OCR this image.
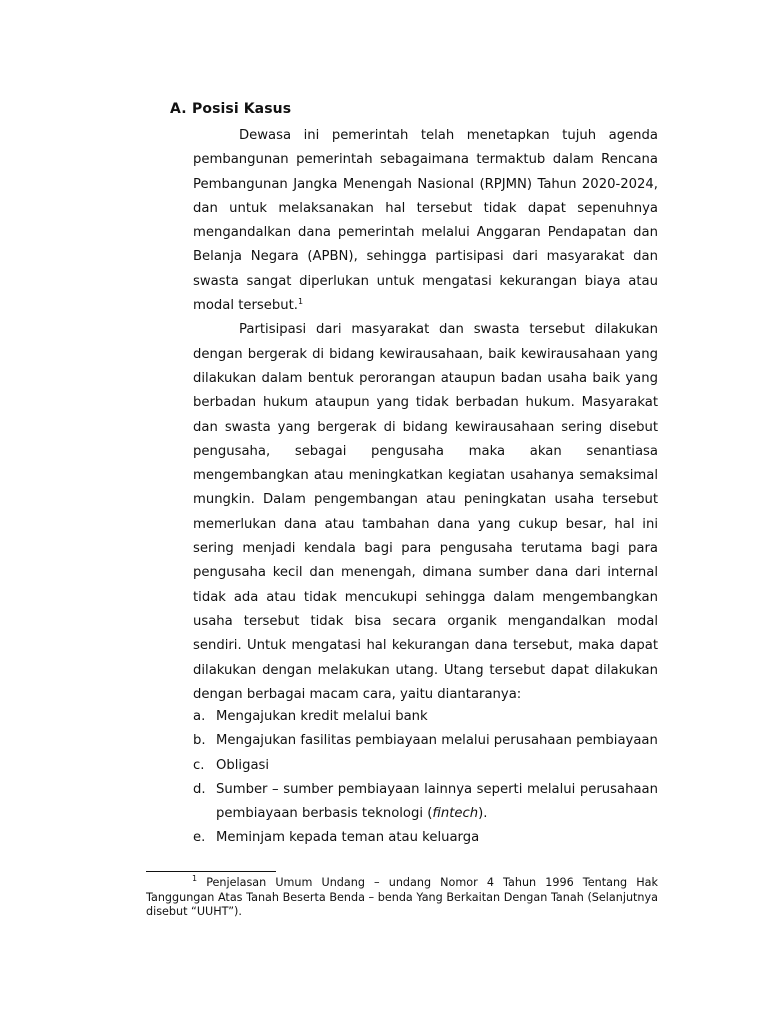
A. Posisi Kasus

Dewasa ini pemerintah telah menetapkan tujuh agenda pembangunan pemerintah sebagaimana termaktub dalam Rencana Pembangunan Jangka Menengah Nasional (RPJMN) Tahun 2020-2024, dan untuk melaksanakan hal tersebut tidak dapat sepenuhnya mengandalkan dana pemerintah melalui Anggaran Pendapatan dan Belanja Negara (APBN), sehingga partisipasi dari masyarakat dan swasta sangat diperlukan untuk mengatasi kekurangan biaya atau modal tersebut.$^1$

Partisipasi dari masyarakat dan swasta tersebut dilakukan dengan bergerak di bidang kewirausahaan, baik kewirausahaan yang dilakukan dalam bentuk perorangan ataupun badan usaha baik yang berbadan hukum ataupun yang tidak berbadan hukum. Masyarakat dan swasta yang bergerak di bidang kewirausahaan sering disebut pengusaha, sebagai pengusaha maka akan senantiasa mengembangkan atau meningkatkan kegiatan usahanya semaksimal mungkin. Dalam pengembangan atau peningkatan usaha tersebut memerlukan dana atau tambahan dana yang cukup besar, hal ini sering menjadi kendala bagi para pengusaha terutama bagi para pengusaha kecil dan menengah, dimana sumber dana dari internal tidak ada atau tidak mencukupi sehingga dalam mengembangkan usaha tersebut tidak bisa secara organik mengandalkan modal sendiri. Untuk mengatasi hal kekurangan dana tersebut, maka dapat dilakukan dengan melakukan utang. Utang tersebut dapat dilakukan dengan berbagai macam cara, yaitu diantaranya:

a. Mengajukan kredit melalui bank
b. Mengajukan fasilitas pembiayaan melalui perusahaan pembiayaan
c. Obligasi
d. Sumber – sumber pembiayaan lainnya seperti melalui perusahaan pembiayaan berbasis teknologi (fintech).
e. Meminjam kepada teman atau keluarga

$^1$ Penjelasan Umum Undang – undang Nomor 4 Tahun 1996 Tentang Hak Tanggungan Atas Tanah Beserta Benda – benda Yang Berkaitan Dengan Tanah (Selanjutnya disebut “UUHT”).
